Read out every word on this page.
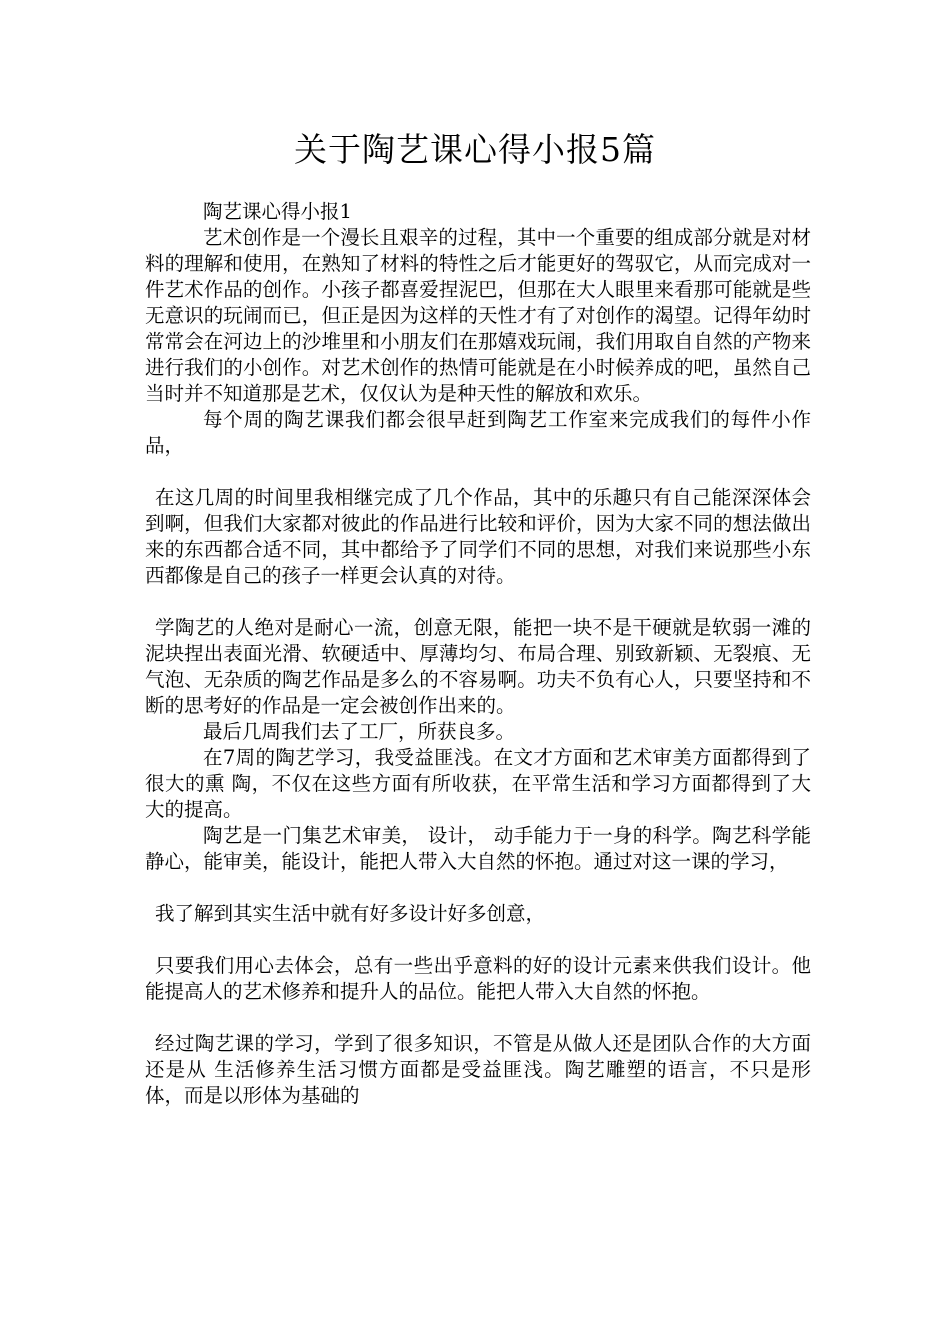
关于陶艺课心得小报5篇

陶艺课心得小报1

艺术创作是一个漫长且艰辛的过程，其中一个重要的组成部分就是对材料的理解和使用，在熟知了材料的特性之后才能更好的驾驭它，从而完成对一件艺术作品的创作。小孩子都喜爱捏泥巴，但那在大人眼里来看那可能就是些无意识的玩闹而已，但正是因为这样的天性才有了对创作的渴望。记得年幼时常常会在河边上的沙堆里和小朋友们在那嬉戏玩闹，我们用取自自然的产物来进行我们的小创作。对艺术创作的热情可能就是在小时候养成的吧，虽然自己当时并不知道那是艺术，仅仅认为是种天性的解放和欢乐。

每个周的陶艺课我们都会很早赶到陶艺工作室来完成我们的每件小作品，

在这几周的时间里我相继完成了几个作品，其中的乐趣只有自己能深深体会到啊，但我们大家都对彼此的作品进行比较和评价，因为大家不同的想法做出来的东西都合适不同，其中都给予了同学们不同的思想，对我们来说那些小东西都像是自己的孩子一样更会认真的对待。

学陶艺的人绝对是耐心一流，创意无限，能把一块不是干硬就是软弱一滩的泥块捏出表面光滑、软硬适中、厚薄均匀、布局合理、别致新颖、无裂痕、无气泡、无杂质的陶艺作品是多么的不容易啊。功夫不负有心人，只要坚持和不断的思考好的作品是一定会被创作出来的。

最后几周我们去了工厂，所获良多。

在7周的陶艺学习，我受益匪浅。在文才方面和艺术审美方面都得到了很大的熏 陶，不仅在这些方面有所收获，在平常生活和学习方面都得到了大大的提高。

陶艺是一门集艺术审美， 设计， 动手能力于一身的科学。陶艺科学能静心，能审美，能设计，能把人带入大自然的怀抱。通过对这一课的学习，

我了解到其实生活中就有好多设计好多创意，

只要我们用心去体会，总有一些出乎意料的好的设计元素来供我们设计。他能提高人的艺术修养和提升人的品位。能把人带入大自然的怀抱。

经过陶艺课的学习，学到了很多知识，不管是从做人还是团队合作的大方面还是从 生活修养生活习惯方面都是受益匪浅。陶艺雕塑的语言，不只是形体，而是以形体为基础的
